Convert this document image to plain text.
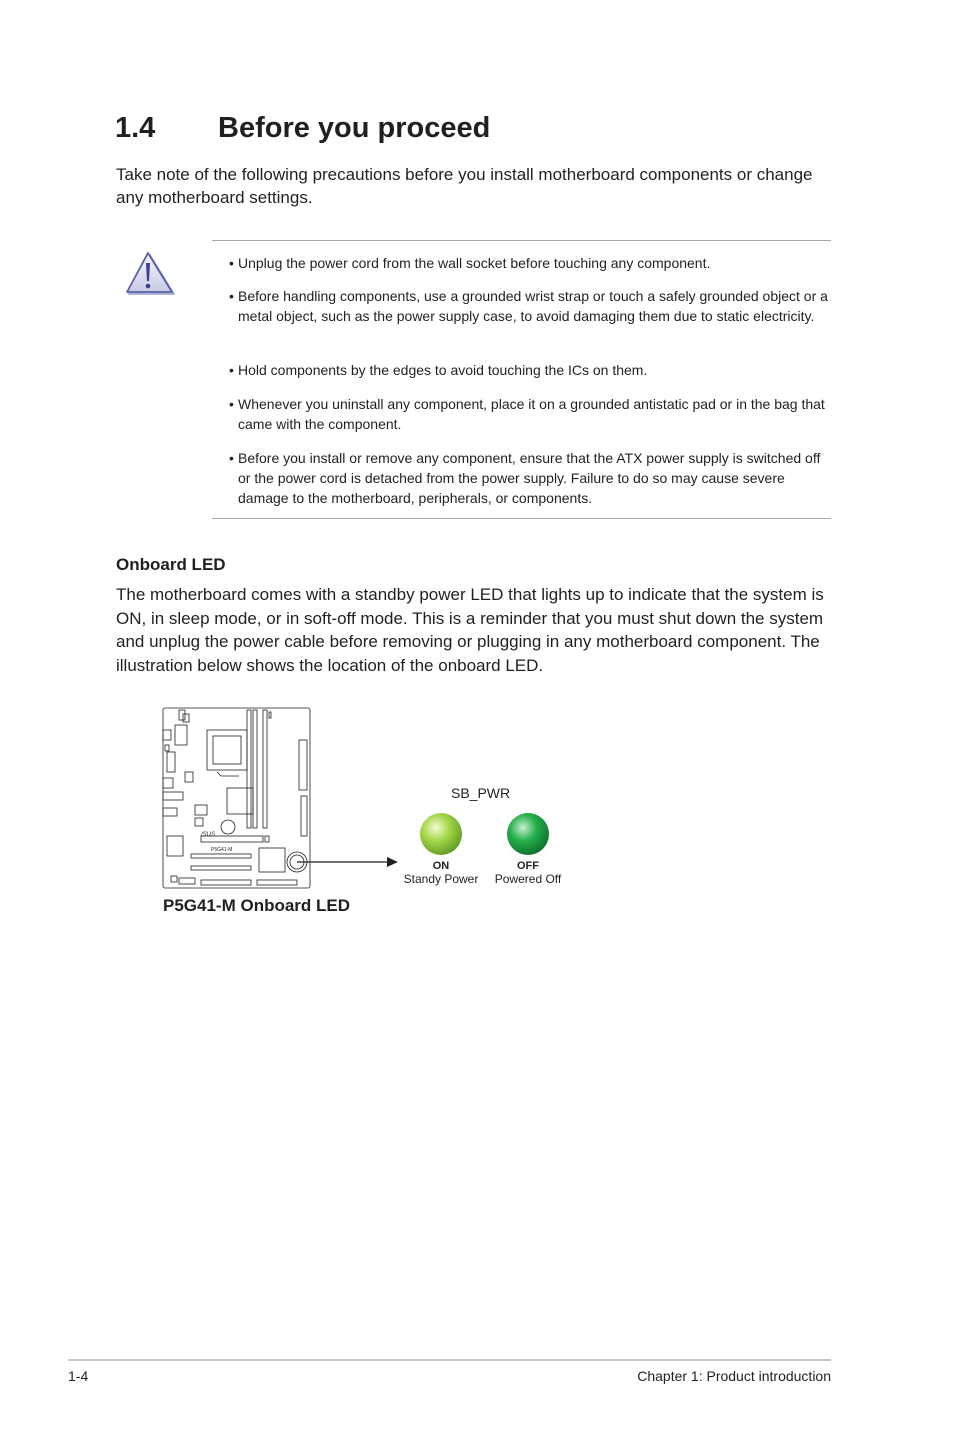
1.4 Before you proceed
Take note of the following precautions before you install motherboard components or change any motherboard settings.
• Unplug the power cord from the wall socket before touching any component.
• Before handling components, use a grounded wrist strap or touch a safely grounded object or a metal object, such as the power supply case, to avoid damaging them due to static electricity.
• Hold components by the edges to avoid touching the ICs on them.
• Whenever you uninstall any component, place it on a grounded antistatic pad or in the bag that came with the component.
• Before you install or remove any component, ensure that the ATX power supply is switched off or the power cord is detached from the power supply. Failure to do so may cause severe damage to the motherboard, peripherals, or components.
Onboard LED
The motherboard comes with a standby power LED that lights up to indicate that the system is ON, in sleep mode, or in soft-off mode. This is a reminder that you must shut down the system and unplug the power cable before removing or plugging in any motherboard component. The illustration below shows the location of the onboard LED.
/SUS
P5G41-M
SB_PWR
ON
Standy Power
OFF
Powered Off
P5G41-M Onboard LED
1-4	Chapter 1: Product introduction
